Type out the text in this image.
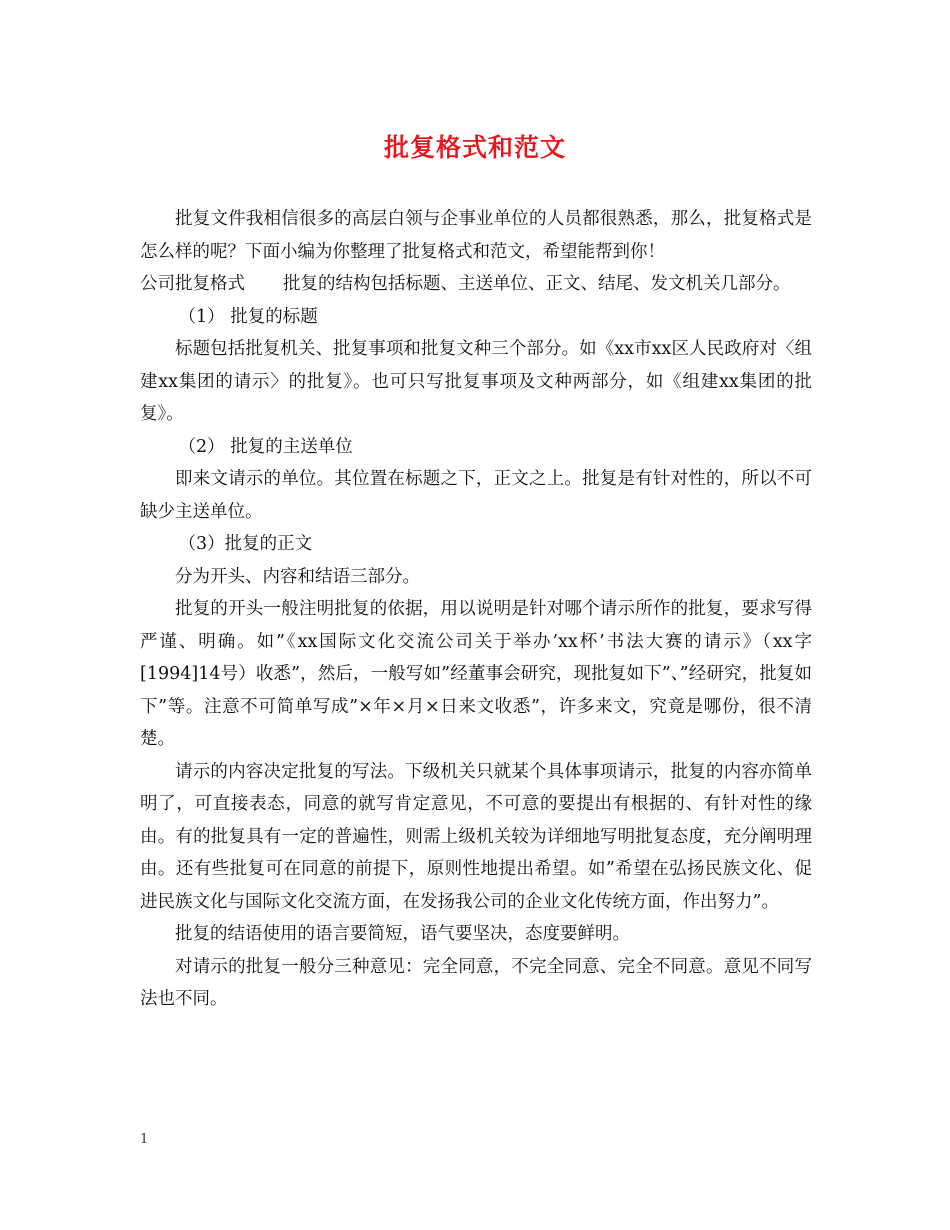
批复格式和范文

批复文件我相信很多的高层白领与企事业单位的人员都很熟悉，那么，批复格式是怎么样的呢？下面小编为你整理了批复格式和范文，希望能帮到你！

公司批复格式 批复的结构包括标题、主送单位、正文、结尾、发文机关几部分。

（1） 批复的标题

标题包括批复机关、批复事项和批复文种三个部分。如《xx市xx区人民政府对〈组建xx集团的请示〉的批复》。也可只写批复事项及文种两部分，如《组建xx集团的批复》。

（2） 批复的主送单位

即来文请示的单位。其位置在标题之下，正文之上。批复是有针对性的，所以不可缺少主送单位。

（3）批复的正文

分为开头、内容和结语三部分。

批复的开头一般注明批复的依据，用以说明是针对哪个请示所作的批复，要求写得严谨、明确。如”《xx国际文化交流公司关于举办’xx杯’书法大赛的请示》（xx字[1994]14号）收悉”，然后，一般写如”经董事会研究，现批复如下”、”经研究，批复如下”等。注意不可简单写成”×年×月×日来文收悉”，许多来文，究竟是哪份，很不清楚。

请示的内容决定批复的写法。下级机关只就某个具体事项请示，批复的内容亦简单明了，可直接表态，同意的就写肯定意见，不可意的要提出有根据的、有针对性的缘由。有的批复具有一定的普遍性，则需上级机关较为详细地写明批复态度，充分阐明理由。还有些批复可在同意的前提下，原则性地提出希望。如”希望在弘扬民族文化、促进民族文化与国际文化交流方面，在发扬我公司的企业文化传统方面，作出努力”。

批复的结语使用的语言要简短，语气要坚决，态度要鲜明。

对请示的批复一般分三种意见：完全同意，不完全同意、完全不同意。意见不同写法也不同。

1
